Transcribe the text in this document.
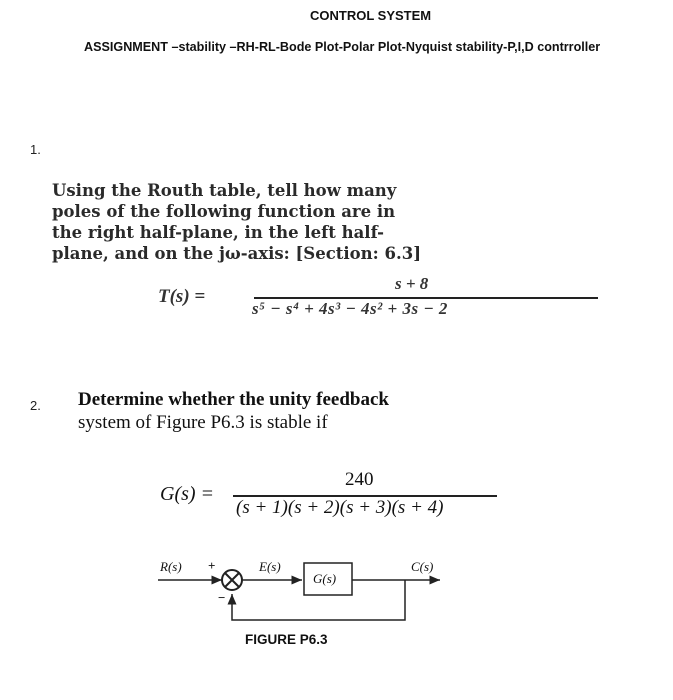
CONTROL SYSTEM
ASSIGNMENT –stability –RH-RL-Bode Plot-Polar Plot-Nyquist stability-P,I,D contrroller
1.
Using the Routh table, tell how many
poles of the following function are in
the right half-plane, in the left half-
plane, and on the jω-axis: [Section: 6.3]
T(s) =
s + 8
s⁵ − s⁴ + 4s³ − 4s² + 3s − 2
2. Determine whether the unity feedback
system of Figure P6.3 is stable if
G(s) =
240
(s + 1)(s + 2)(s + 3)(s + 4)
R(s) +
−
E(s)
G(s)
C(s)
FIGURE P6.3
